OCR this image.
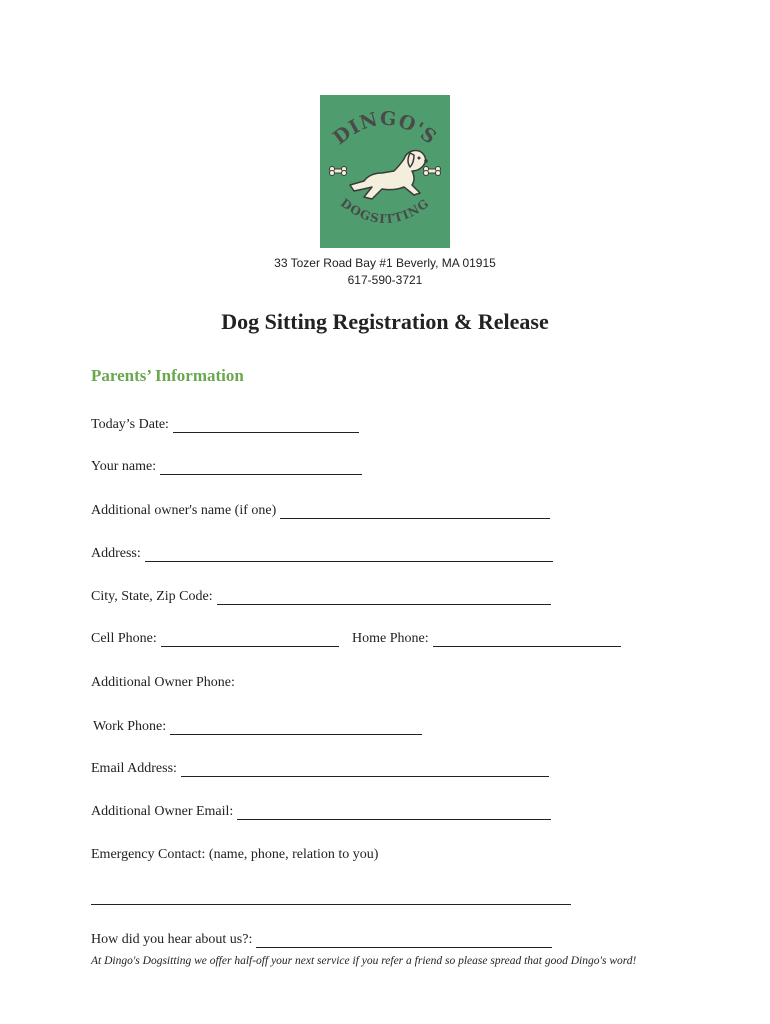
DINGO'S
DOGSITTING
33 Tozer Road Bay #1 Beverly, MA 01915
617-590-3721
Dog Sitting Registration & Release
Parents’ Information
Today’s Date:
Your name:
Additional owner's name (if one)
Address:
City, State, Zip Code:
Cell Phone:	Home Phone:
Additional Owner Phone:
Work Phone:
Email Address:
Additional Owner Email:
Emergency Contact: (name, phone, relation to you)
How did you hear about us?:
At Dingo's Dogsitting we offer half-off your next service if you refer a friend so please spread that good Dingo's word!
